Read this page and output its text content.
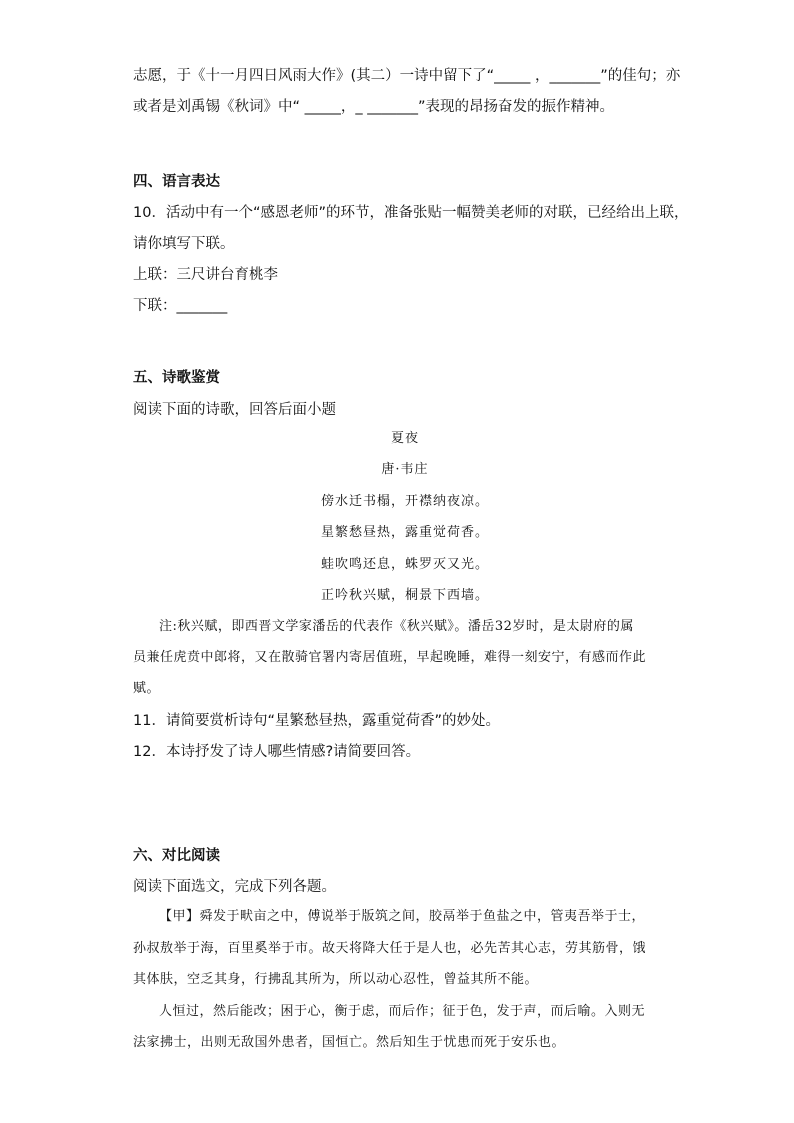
志愿，于《十一月四日风雨大作》(其二）一诗中留下了“_____ ，_______”的佳句；亦

或者是刘禹锡《秋词》中“ _____，_ _______”表现的昂扬奋发的振作精神。

四、语言表达

10．活动中有一个“感恩老师”的环节，准备张贴一幅赞美老师的对联，已经给出上联，

请你填写下联。

上联：三尺讲台育桃李

下联：_______

五、诗歌鉴赏

阅读下面的诗歌，回答后面小题

夏夜
唐·韦庄
傍水迁书榻，开襟纳夜凉。
星繁愁昼热，露重觉荷香。
蛙吹鸣还息，蛛罗灭又光。
正吟秋兴赋，桐景下西墙。
注:秋兴赋，即西晋文学家潘岳的代表作《秋兴赋》。潘岳32岁时，是太尉府的属
员兼任虎贲中郎将，又在散骑官署内寄居值班，早起晚睡，难得一刻安宁，有感而作此
赋。

11．请简要赏析诗句“星繁愁昼热，露重觉荷香”的妙处。

12．本诗抒发了诗人哪些情感?请简要回答。

六、对比阅读

阅读下面选文，完成下列各题。

【甲】舜发于畎亩之中，傅说举于版筑之间，胶鬲举于鱼盐之中，管夷吾举于士，
孙叔敖举于海，百里奚举于市。故天将降大任于是人也，必先苦其心志，劳其筋骨，饿
其体肤，空乏其身，行拂乱其所为，所以动心忍性，曾益其所不能。
人恒过，然后能改；困于心，衡于虑，而后作；征于色，发于声，而后喻。入则无
法家拂士，出则无敌国外患者，国恒亡。然后知生于忧患而死于安乐也。
